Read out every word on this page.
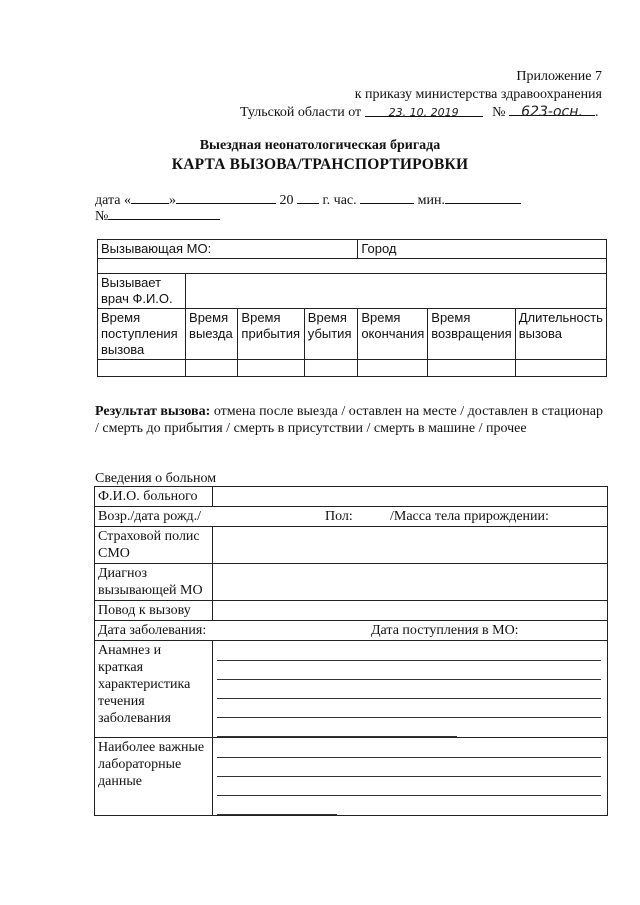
Приложение 7
к приказу министерства здравоохранения
Тульской области от	23. 10. 2019 № 623-осн. .
Выездная неонатологическая бригада
КАРТА ВЫЗОВА/ТРАНСПОРТИРОВКИ
дата «	»	20 г. час.	мин.
№
Вызывающая МО:				Город		

Вызывает врач Ф.И.О.						
Время поступления вызова	Время выезда	Время прибытия	Время убытия	Время окончания	Время возвращения	Длительность вызова

Результат вызова: отмена после выезда / оставлен на месте / доставлен в стационар / смерть до прибытия / смерть в присутствии / смерть в машине / прочее
Сведения о больном
Ф.И.О. больного	
Возр./дата рожд./ Пол: /Масса тела прирождении:	

Страховой полис СМО	
Диагноз вызывающей МО	
Повод к вызову	
Дата заболевания: Дата поступления в МО:	

Анамнез и краткая характеристика течения заболевания	

Наиболее важные лабораторные данные	
